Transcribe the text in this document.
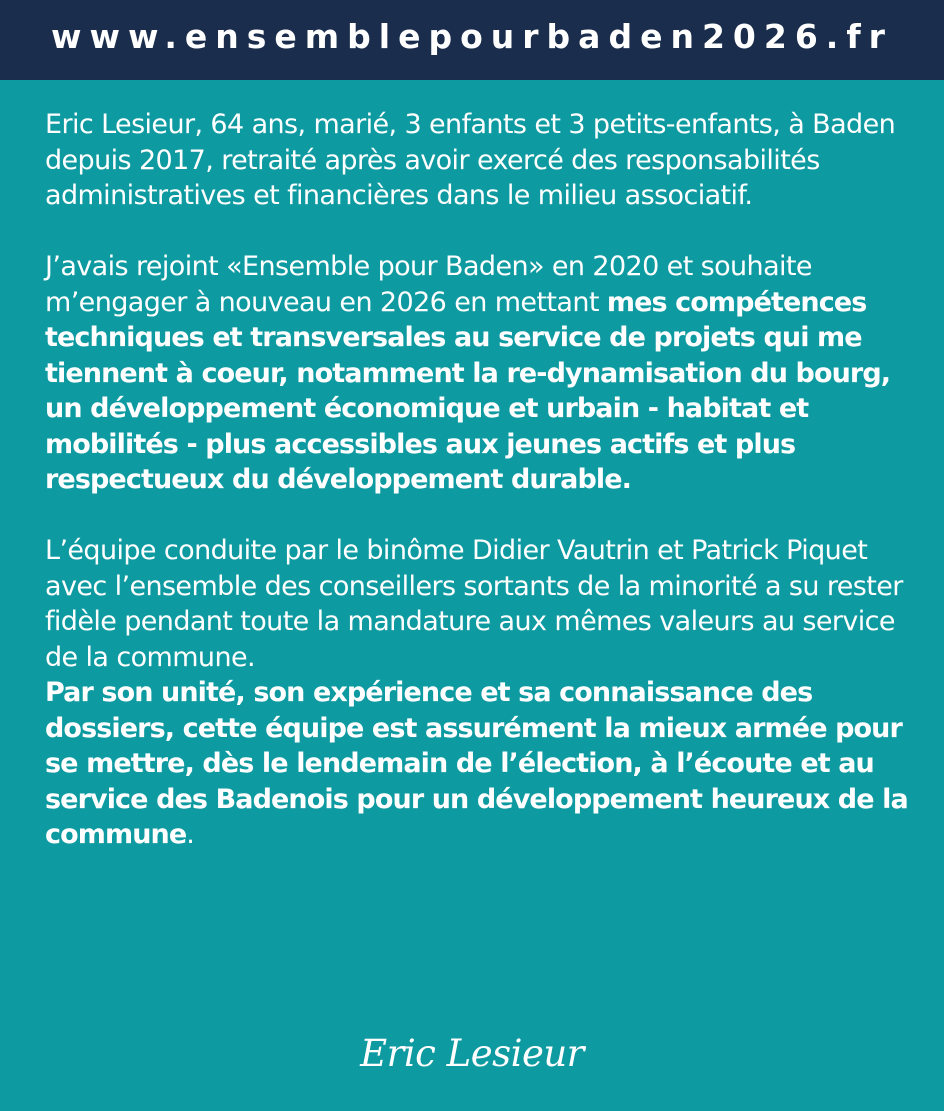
www.ensemblepourbaden2026.fr

Eric Lesieur, 64 ans, marié, 3 enfants et 3 petits-enfants, à Baden depuis 2017, retraité après avoir exercé des responsabilités administratives et financières dans le milieu associatif.

J’avais rejoint «Ensemble pour Baden» en 2020 et souhaite m’engager à nouveau en 2026 en mettant mes compétences techniques et transversales au service de projets qui me tiennent à coeur, notamment la re-dynamisation du bourg, un développement économique et urbain - habitat et mobilités - plus accessibles aux jeunes actifs et plus respectueux du développement durable.

L’équipe conduite par le binôme Didier Vautrin et Patrick Piquet avec l’ensemble des conseillers sortants de la minorité a su rester fidèle pendant toute la mandature aux mêmes valeurs au service de la commune.

Par son unité, son expérience et sa connaissance des dossiers, cette équipe est assurément la mieux armée pour se mettre, dès le lendemain de l’élection, à l’écoute et au service des Badenois pour un développement heureux de la commune.

Eric Lesieur
